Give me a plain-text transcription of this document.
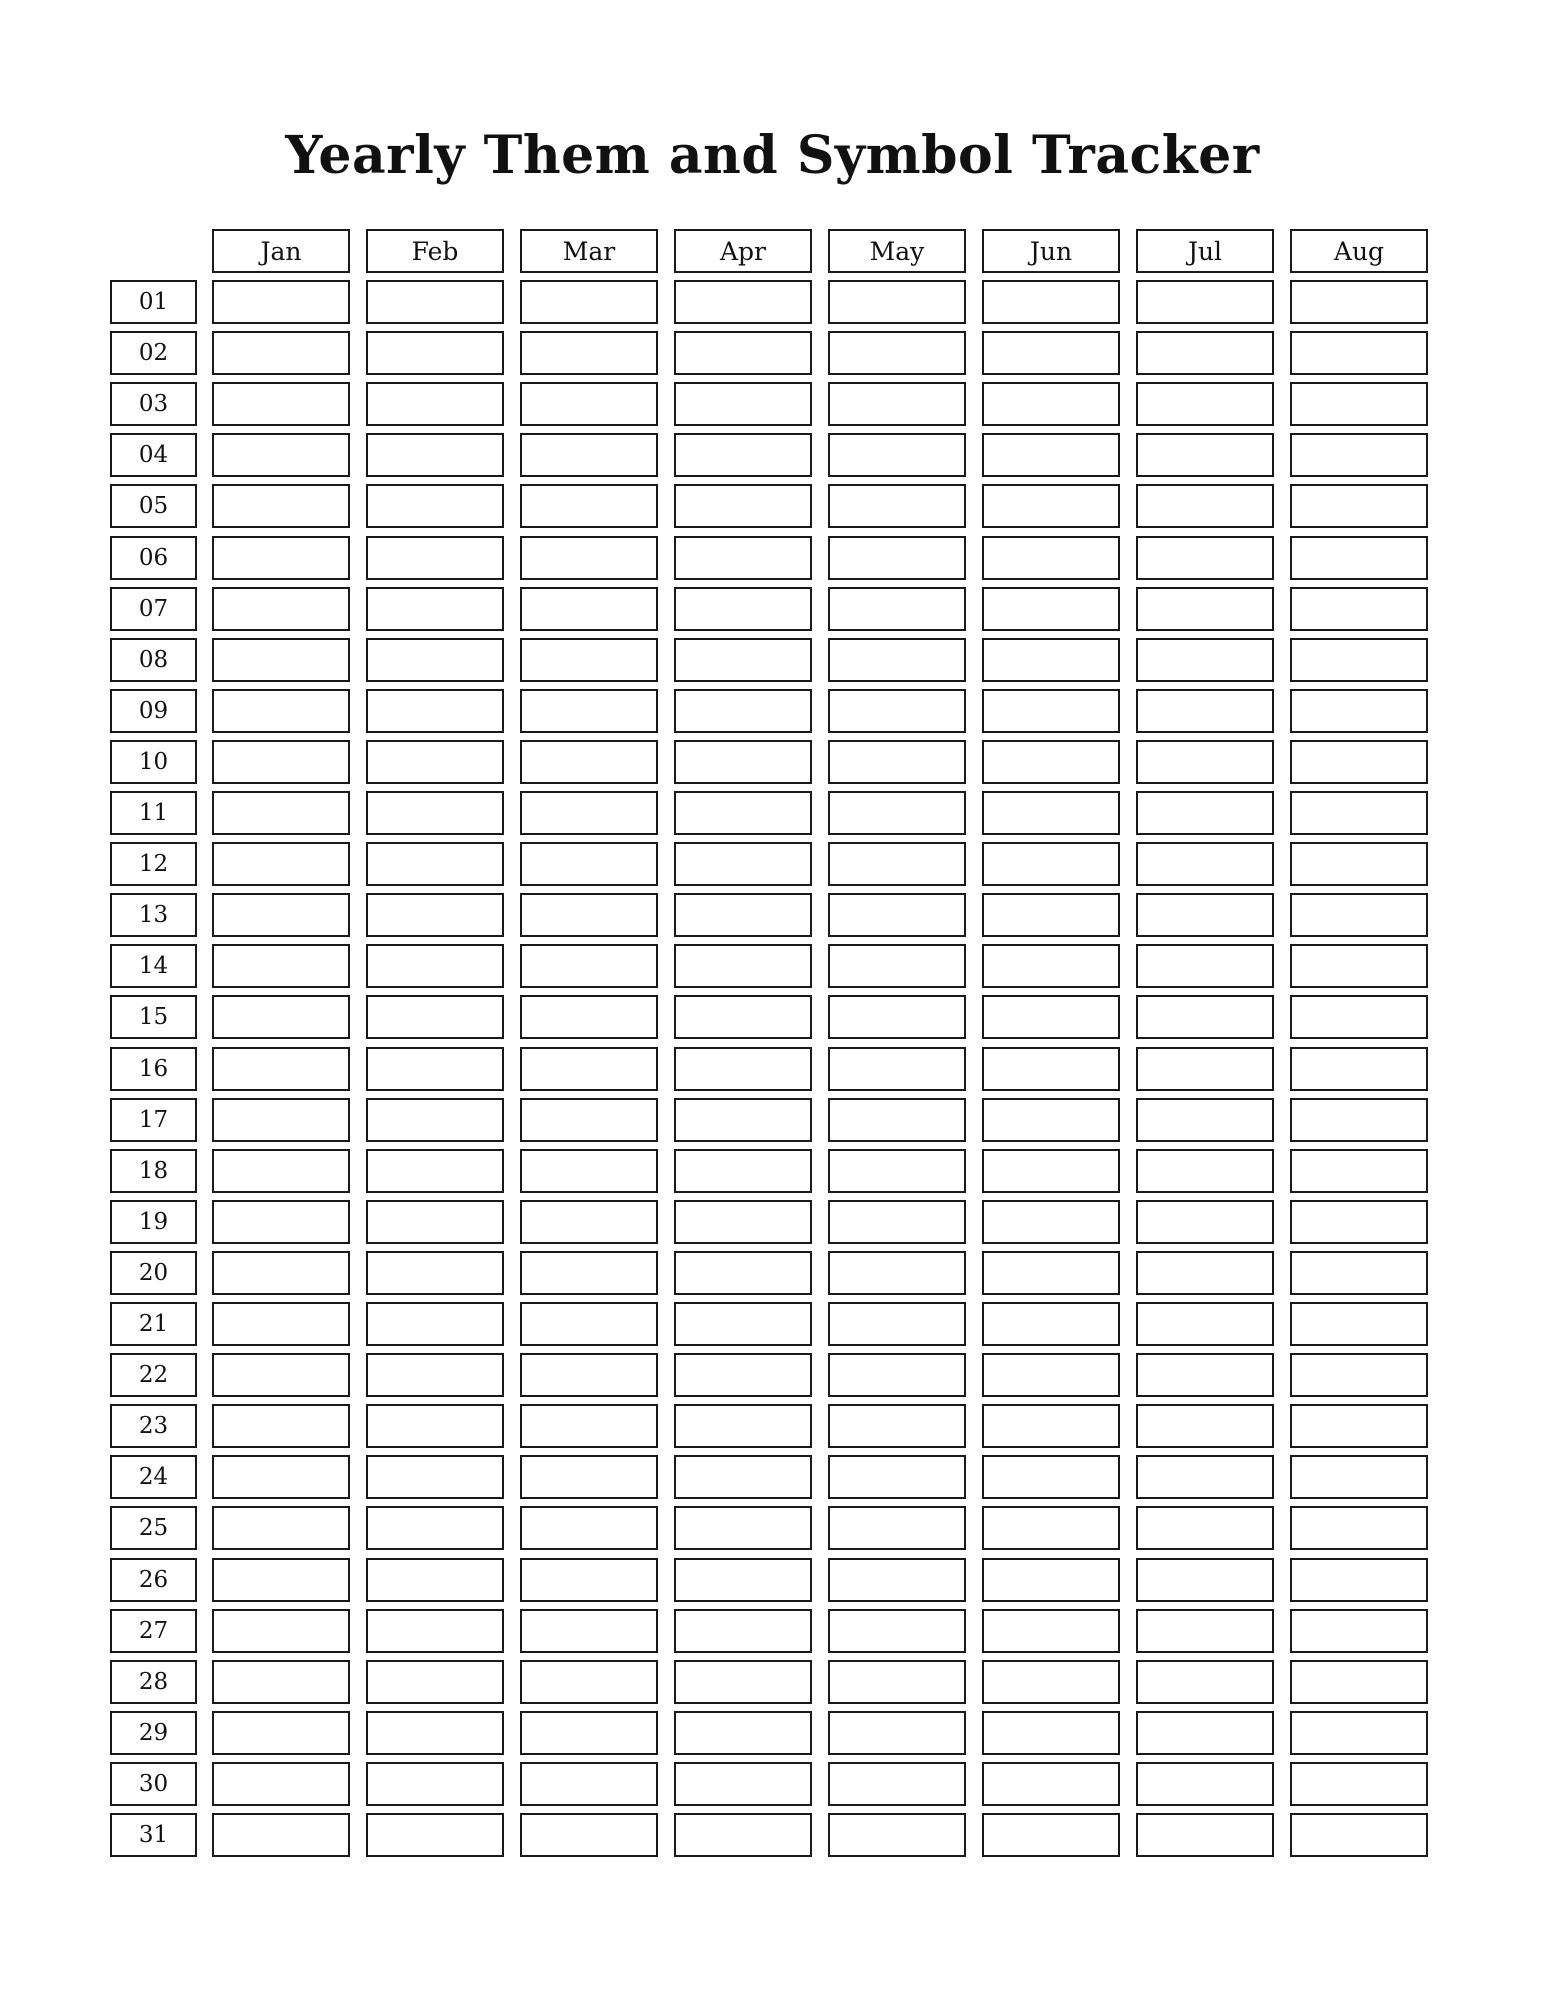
Yearly Them and Symbol Tracker
Jan	Feb	Mar	Apr	May	Jun	Jul	Aug
01
02
03
04
05
06
07
08
09
10
11
12
13
14
15
16
17
18
19
20
21
22
23
24
25
26
27
28
29
30
31
